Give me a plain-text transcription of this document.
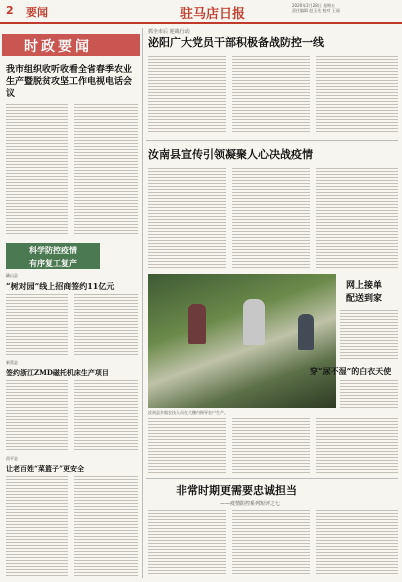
2	要闻	驻马店日报
2020年2月28日 星期五
责任编辑 赵玉先 校对 王丽
时政要闻
我市组织收听收看全省春季农业生产暨脱贫攻坚工作电视电话会议
科学防控疫情
有序复工复产
确山县
“树对园”线上招商签约11亿元
新蔡县
签约浙江ZMD磁托机床生产项目
西平县
让老百姓“菜篮子”更安全
抓全市后 迎战行动
泌阳广大党员干部积极备战防控一线
汝南县宣传引领凝聚人心决战疫情
汝南县乡镇农技人员在大棚内指导农户生产。
网上接单
配送到家
穿“尿不湿”的白衣天使
非常时期更需要忠诚担当
——疫情防控系列短评之七
